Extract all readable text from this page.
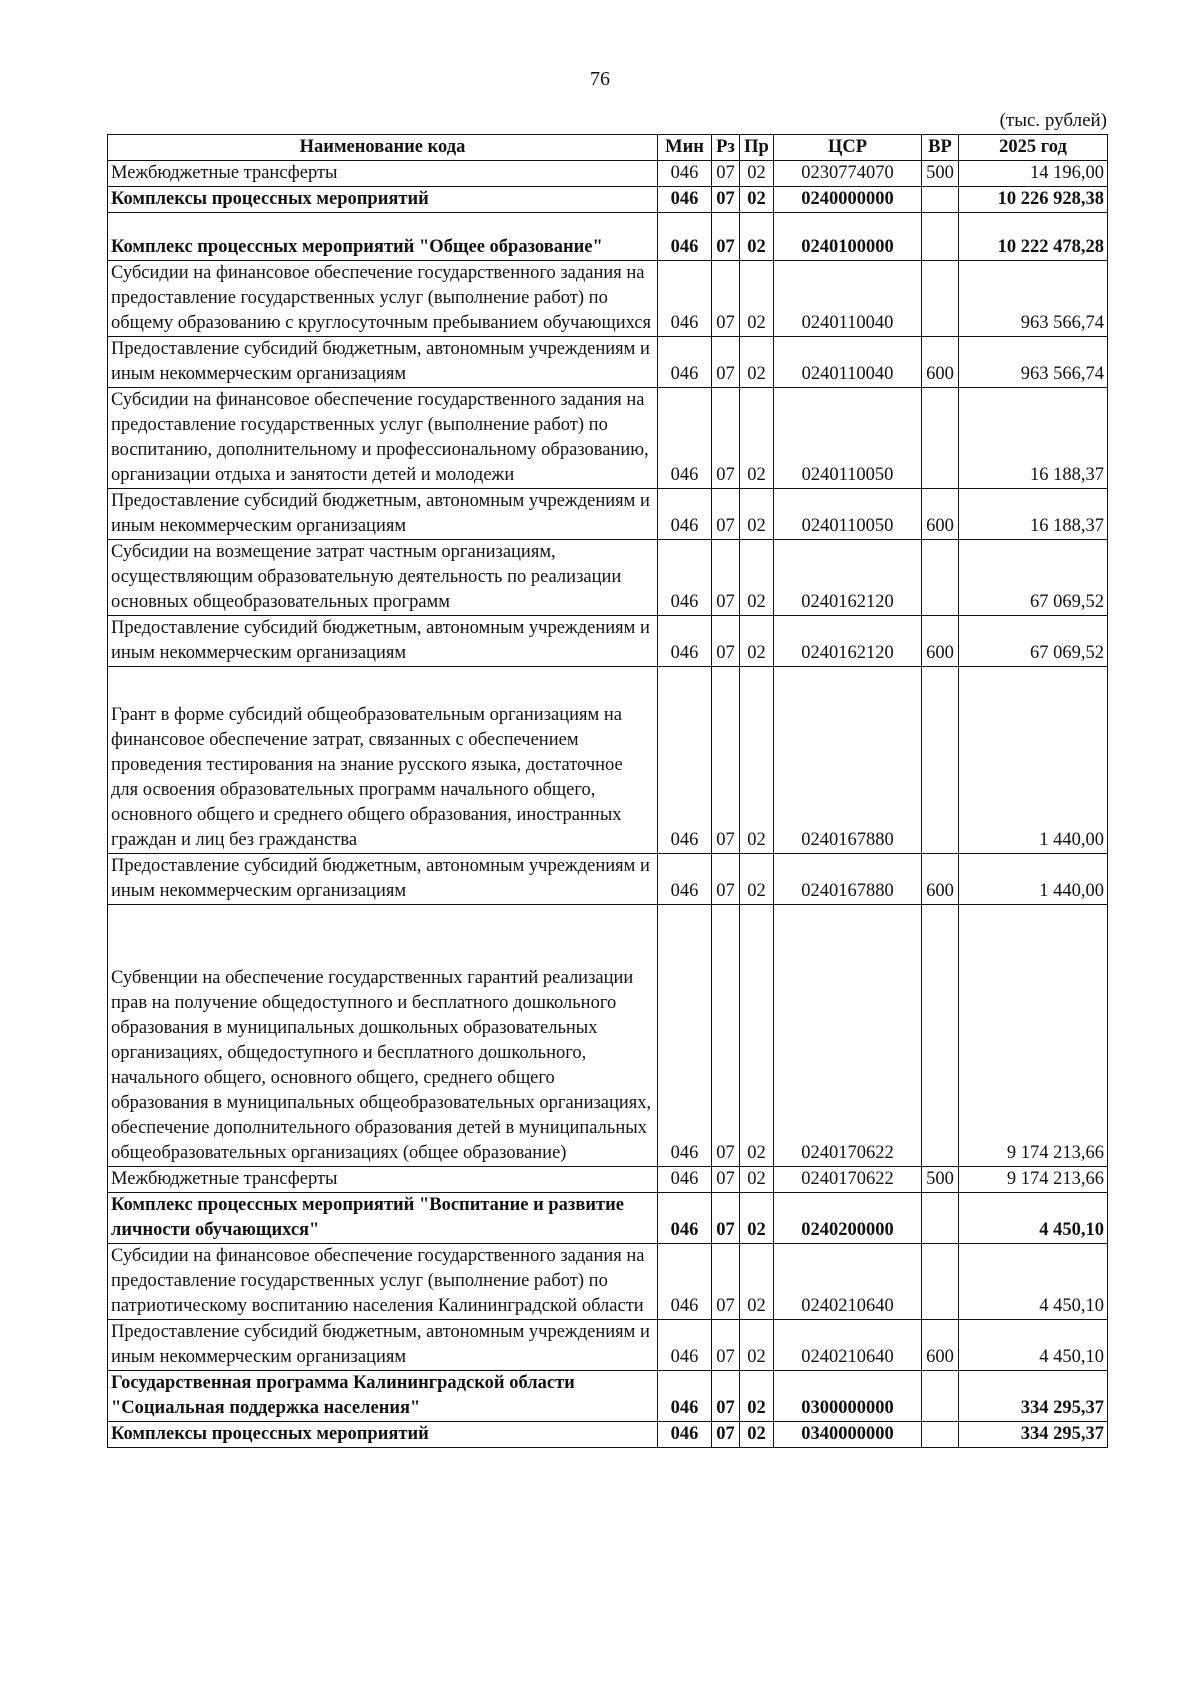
76
(тыс. рублей)
Наименование кода	Мин	Рз	Пр	ЦСР	ВР	2025 год
Межбюджетные трансферты	046	07	02	0230774070	500	14 196,00
Комплексы процессных мероприятий	046	07	02	0240000000		10 226 928,38
Комплекс процессных мероприятий "Общее образование"	046	07	02	0240100000		10 222 478,28
Субсидии на финансовое обеспечение государственного задания на предоставление государственных услуг (выполнение работ) по общему образованию с круглосуточным пребыванием обучающихся	046	07	02	0240110040		963 566,74
Предоставление субсидий бюджетным, автономным учреждениям и иным некоммерческим организациям	046	07	02	0240110040	600	963 566,74
Субсидии на финансовое обеспечение государственного задания на предоставление государственных услуг (выполнение работ) по воспитанию, дополнительному и профессиональному образованию, организации отдыха и занятости детей и молодежи	046	07	02	0240110050		16 188,37
Предоставление субсидий бюджетным, автономным учреждениям и иным некоммерческим организациям	046	07	02	0240110050	600	16 188,37
Субсидии на возмещение затрат частным организациям, осуществляющим образовательную деятельность по реализации основных общеобразовательных программ	046	07	02	0240162120		67 069,52
Предоставление субсидий бюджетным, автономным учреждениям и иным некоммерческим организациям	046	07	02	0240162120	600	67 069,52
Грант в форме субсидий общеобразовательным организациям на финансовое обеспечение затрат, связанных с обеспечением проведения тестирования на знание русского языка, достаточное для освоения образовательных программ начального общего, основного общего и среднего общего образования, иностранных граждан и лиц без гражданства	046	07	02	0240167880		1 440,00
Предоставление субсидий бюджетным, автономным учреждениям и иным некоммерческим организациям	046	07	02	0240167880	600	1 440,00
Субвенции на обеспечение государственных гарантий реализации прав на получение общедоступного и бесплатного дошкольного образования в муниципальных дошкольных образовательных организациях, общедоступного и бесплатного дошкольного, начального общего, основного общего, среднего общего образования в муниципальных общеобразовательных организациях, обеспечение дополнительного образования детей в муниципальных общеобразовательных организациях (общее образование)	046	07	02	0240170622		9 174 213,66
Межбюджетные трансферты	046	07	02	0240170622	500	9 174 213,66
Комплекс процессных мероприятий "Воспитание и развитие личности обучающихся"	046	07	02	0240200000		4 450,10
Субсидии на финансовое обеспечение государственного задания на предоставление государственных услуг (выполнение работ) по патриотическому воспитанию населения Калининградской области	046	07	02	0240210640		4 450,10
Предоставление субсидий бюджетным, автономным учреждениям и иным некоммерческим организациям	046	07	02	0240210640	600	4 450,10
Государственная программа Калининградской области "Социальная поддержка населения"	046	07	02	0300000000		334 295,37
Комплексы процессных мероприятий	046	07	02	0340000000		334 295,37
